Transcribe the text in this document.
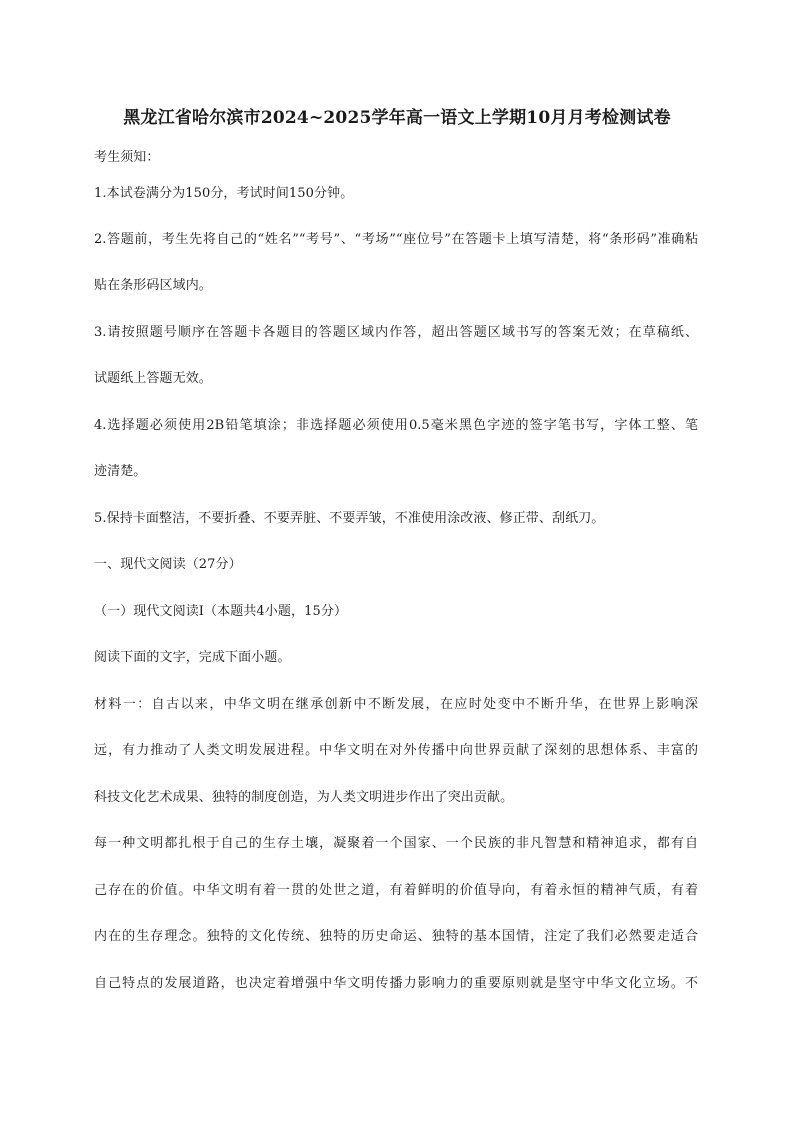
黑龙江省哈尔滨市2024~2025学年高一语文上学期10月月考检测试卷
考生须知：
1.本试卷满分为150分，考试时间150分钟。
2.答题前，考生先将自己的“姓名”“考号”、“考场”“座位号”在答题卡上填写清楚，将“条形码”准确粘
贴在条形码区域内。
3.请按照题号顺序在答题卡各题目的答题区域内作答，超出答题区域书写的答案无效；在草稿纸、
试题纸上答题无效。
4.选择题必须使用2B铅笔填涂；非选择题必须使用0.5毫米黑色字迹的签字笔书写，字体工整、笔
迹清楚。
5.保持卡面整洁，不要折叠、不要弄脏、不要弄皱，不准使用涂改液、修正带、刮纸刀。
一、现代文阅读（27分）
（一）现代文阅读I（本题共4小题，15分）
阅读下面的文字，完成下面小题。
材料一：自古以来，中华文明在继承创新中不断发展，在应时处变中不断升华，在世界上影响深
远，有力推动了人类文明发展进程。中华文明在对外传播中向世界贡献了深刻的思想体系、丰富的
科技文化艺术成果、独特的制度创造，为人类文明进步作出了突出贡献。
每一种文明都扎根于自己的生存土壤，凝聚着一个国家、一个民族的非凡智慧和精神追求，都有自
己存在的价值。中华文明有着一贯的处世之道，有着鲜明的价值导向，有着永恒的精神气质，有着
内在的生存理念。独特的文化传统、独特的历史命运、独特的基本国情，注定了我们必然要走适合
自己特点的发展道路，也决定着增强中华文明传播力影响力的重要原则就是坚守中华文化立场。不
